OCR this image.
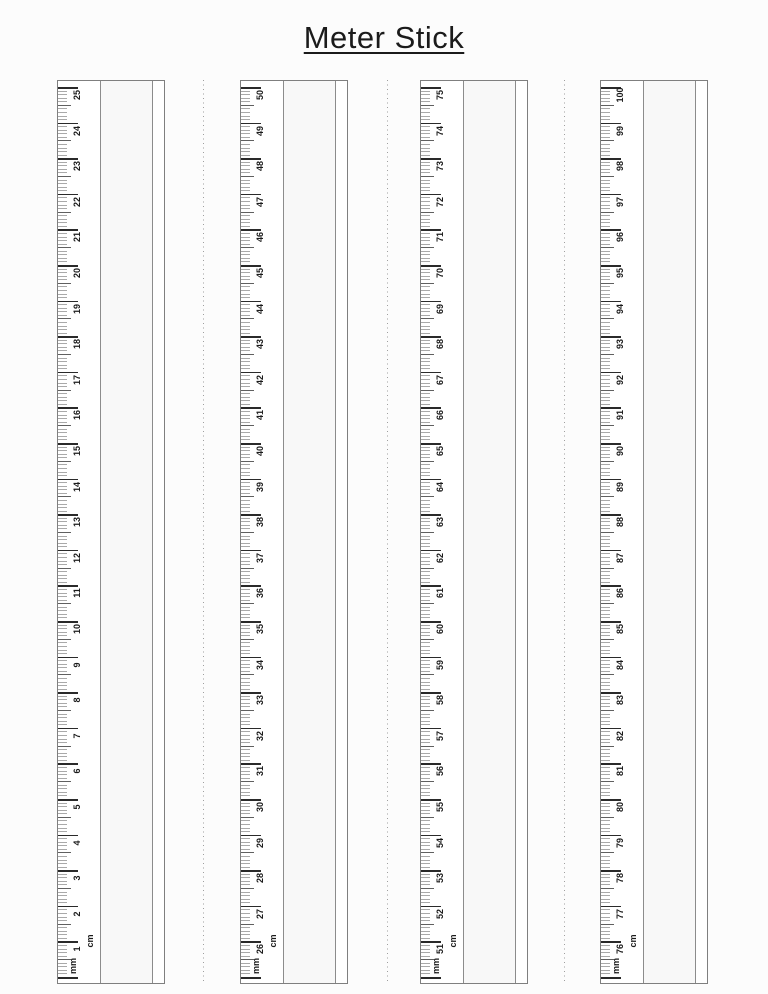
Meter Stick
1
2
3
4
5
6
7
8
9
10
11
12
13
14
15
16
17
18
19
20
21
22
23
24
25
cm
mm
26
27
28
29
30
31
32
33
34
35
36
37
38
39
40
41
42
43
44
45
46
47
48
49
50
cm
mm
51
52
53
54
55
56
57
58
59
60
61
62
63
64
65
66
67
68
69
70
71
72
73
74
75
cm
mm
76
77
78
79
80
81
82
83
84
85
86
87
88
89
90
91
92
93
94
95
96
97
98
99
100
cm
mm
